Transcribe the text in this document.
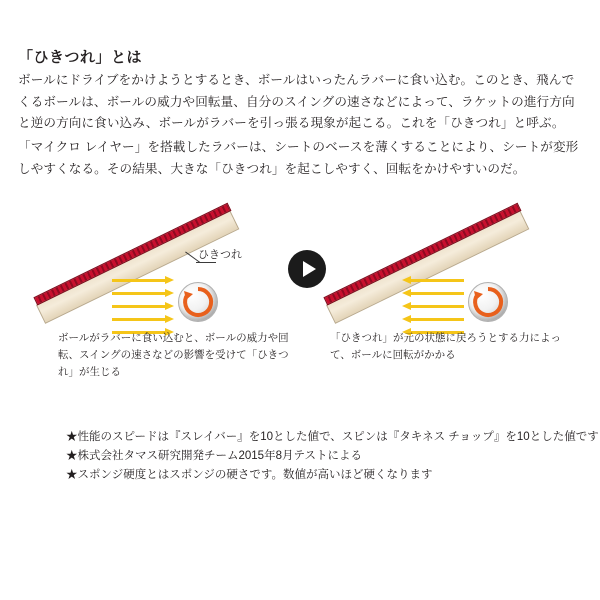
「ひきつれ」とは

ボールにドライブをかけようとするとき、ボールはいったんラバーに食い込む。このとき、飛んでくるボールは、ボールの威力や回転量、自分のスイングの速さなどによって、ラケットの進行方向と逆の方向に食い込み、ボールがラバーを引っ張る現象が起こる。これを「ひきつれ」と呼ぶ。

「マイクロ レイヤー」を搭載したラバーは、シートのベースを薄くすることにより、シートが変形しやすくなる。その結果、大きな「ひきつれ」を起こしやすく、回転をかけやすいのだ。

ひきつれ
ボールがラバーに食い込むと、ボールの威力や回転、スイングの速さなどの影響を受けて「ひきつれ」が生じる
「ひきつれ」が元の状態に戻ろうとする力によって、ボールに回転がかかる
★性能のスピードは『スレイバー』を10とした値で、スピンは『タキネス チョップ』を10とした値です
★株式会社タマス研究開発チーム2015年8月テストによる
★スポンジ硬度とはスポンジの硬さです。数値が高いほど硬くなります
